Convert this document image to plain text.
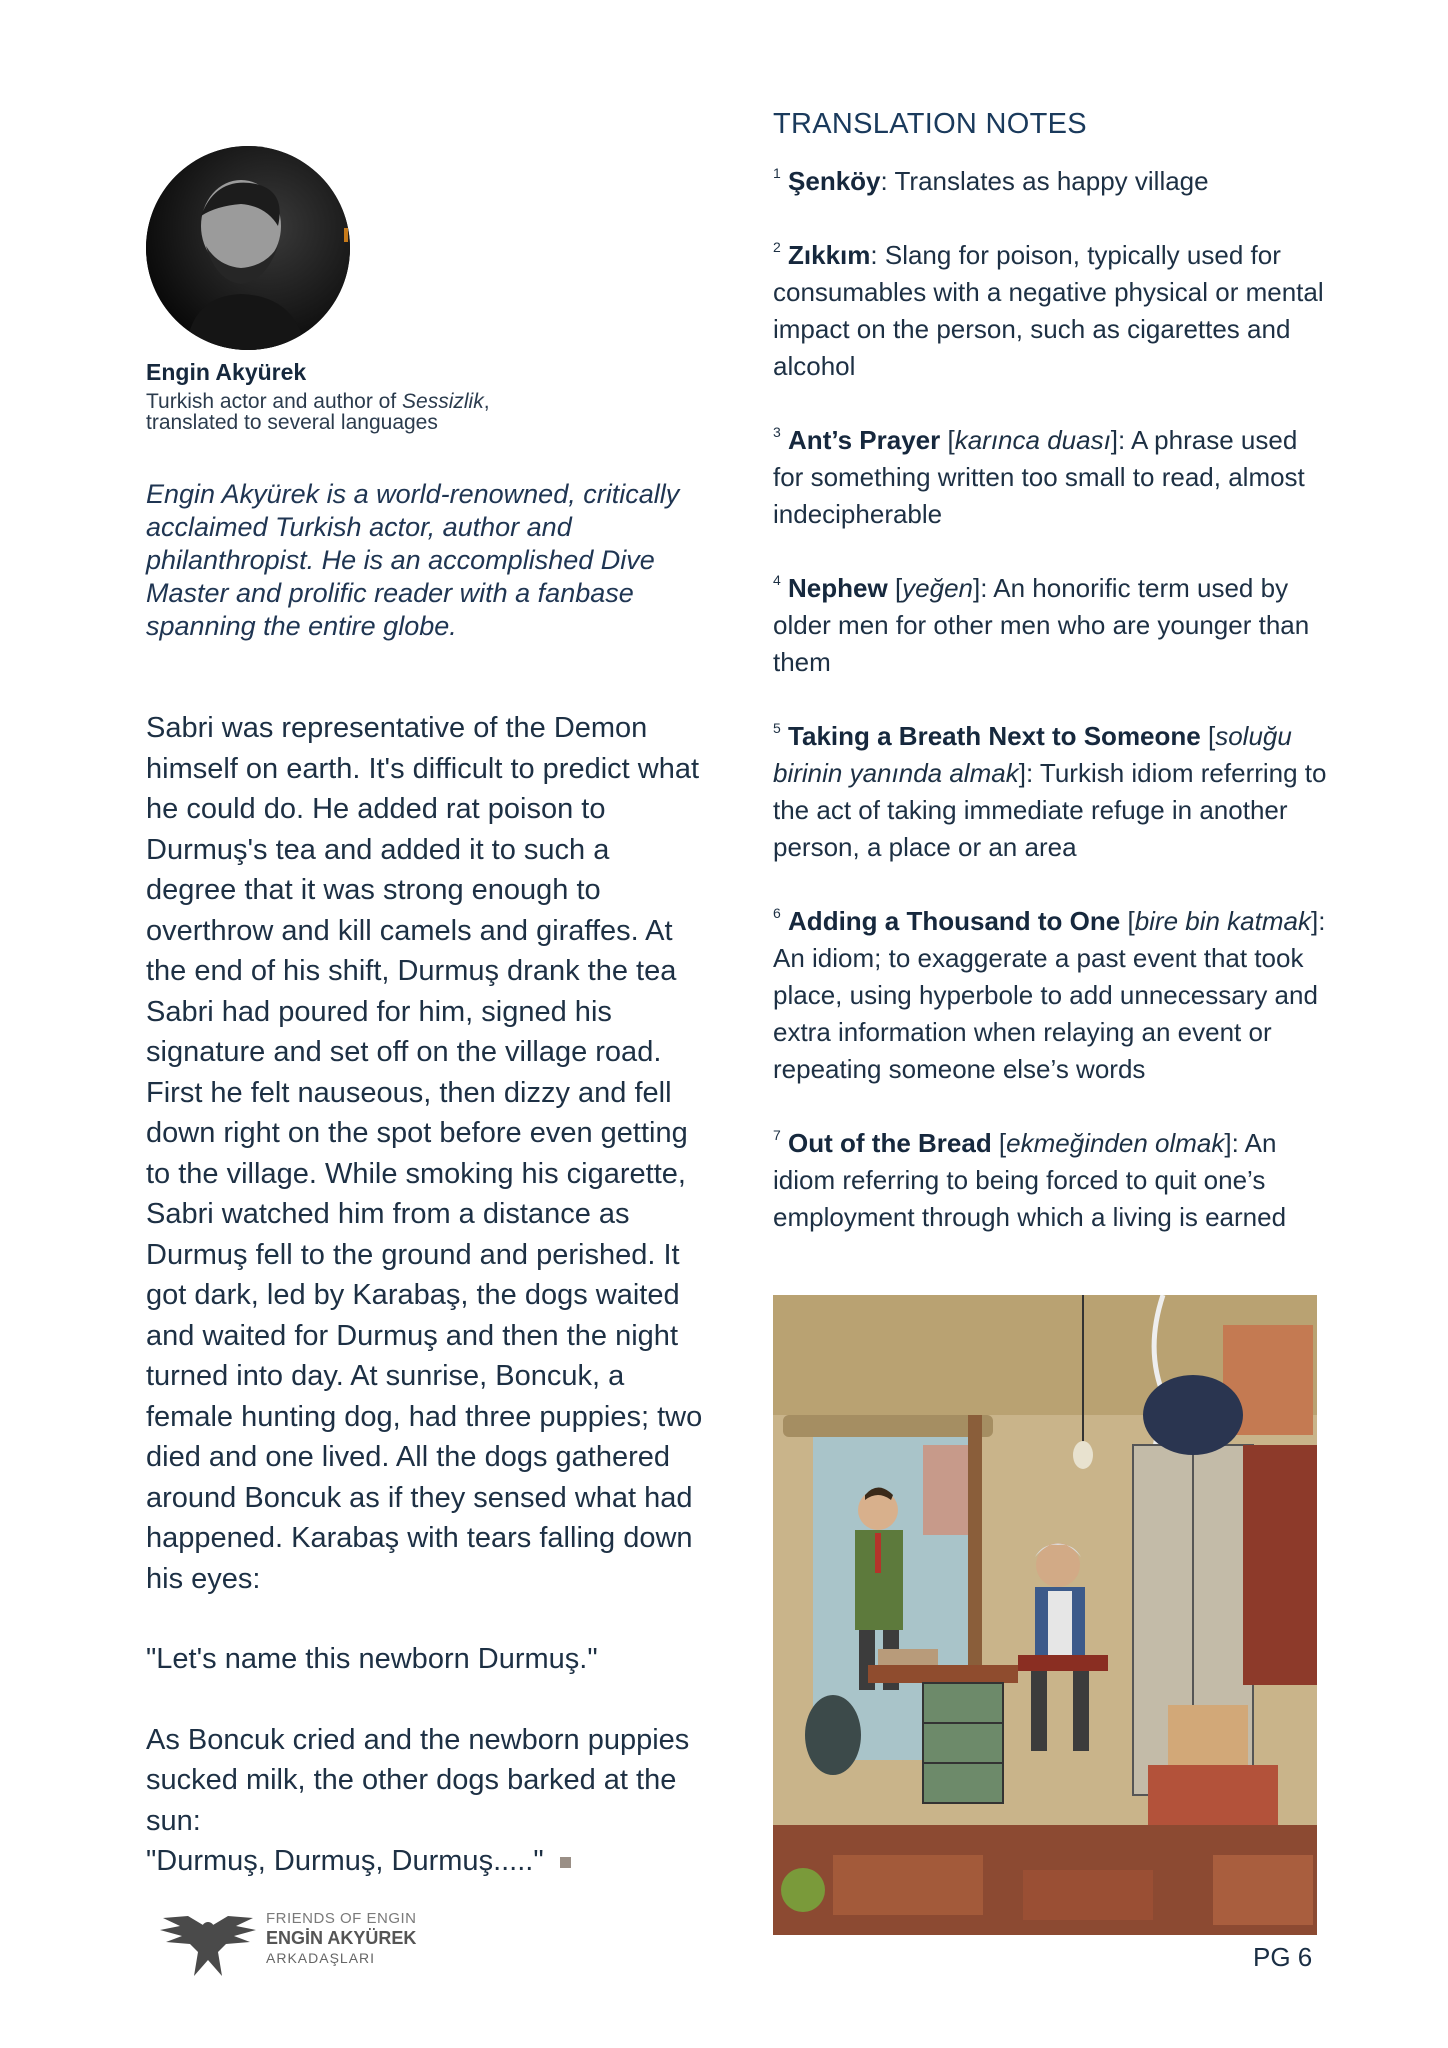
Engin Akyürek
Turkish actor and author of Sessizlik,
translated to several languages
Engin Akyürek is a world-renowned, critically acclaimed Turkish actor, author and philanthropist. He is an accomplished Dive Master and prolific reader with a fanbase spanning the entire globe.

Sabri was representative of the Demon himself on earth. It's difficult to predict what he could do. He added rat poison to Durmuş's tea and added it to such a degree that it was strong enough to overthrow and kill camels and giraffes. At the end of his shift, Durmuş drank the tea Sabri had poured for him, signed his signature and set off on the village road. First he felt nauseous, then dizzy and fell down right on the spot before even getting to the village. While smoking his cigarette, Sabri watched him from a distance as Durmuş fell to the ground and perished. It got dark, led by Karabaş, the dogs waited and waited for Durmuş and then the night turned into day. At sunrise, Boncuk, a female hunting dog, had three puppies; two died and one lived. All the dogs gathered around Boncuk as if they sensed what had happened. Karabaş with tears falling down his eyes:

"Let's name this newborn Durmuş."

As Boncuk cried and the newborn puppies sucked milk, the other dogs barked at the sun:

"Durmuş, Durmuş, Durmuş....."

FRIENDS OF ENGIN
ENGİN AKYÜREK
ARKADAŞLARI
TRANSLATION NOTES

$^1$ Şenköy: Translates as happy village

$^2$ Zıkkım: Slang for poison, typically used for consumables with a negative physical or mental impact on the person, such as cigarettes and alcohol

$^3$ Ant’s Prayer [karınca duası]: A phrase used for something written too small to read, almost indecipherable

$^4$ Nephew [yeğen]: An honorific term used by older men for other men who are younger than them

$^5$ Taking a Breath Next to Someone [soluğu birinin yanında almak]: Turkish idiom referring to the act of taking immediate refuge in another person, a place or an area

$^6$ Adding a Thousand to One [bire bin katmak]: An idiom; to exaggerate a past event that took place, using hyperbole to add unnecessary and extra information when relaying an event or repeating someone else’s words

$^7$ Out of the Bread [ekmeğinden olmak]: An idiom referring to being forced to quit one’s employment through which a living is earned

PG 6
